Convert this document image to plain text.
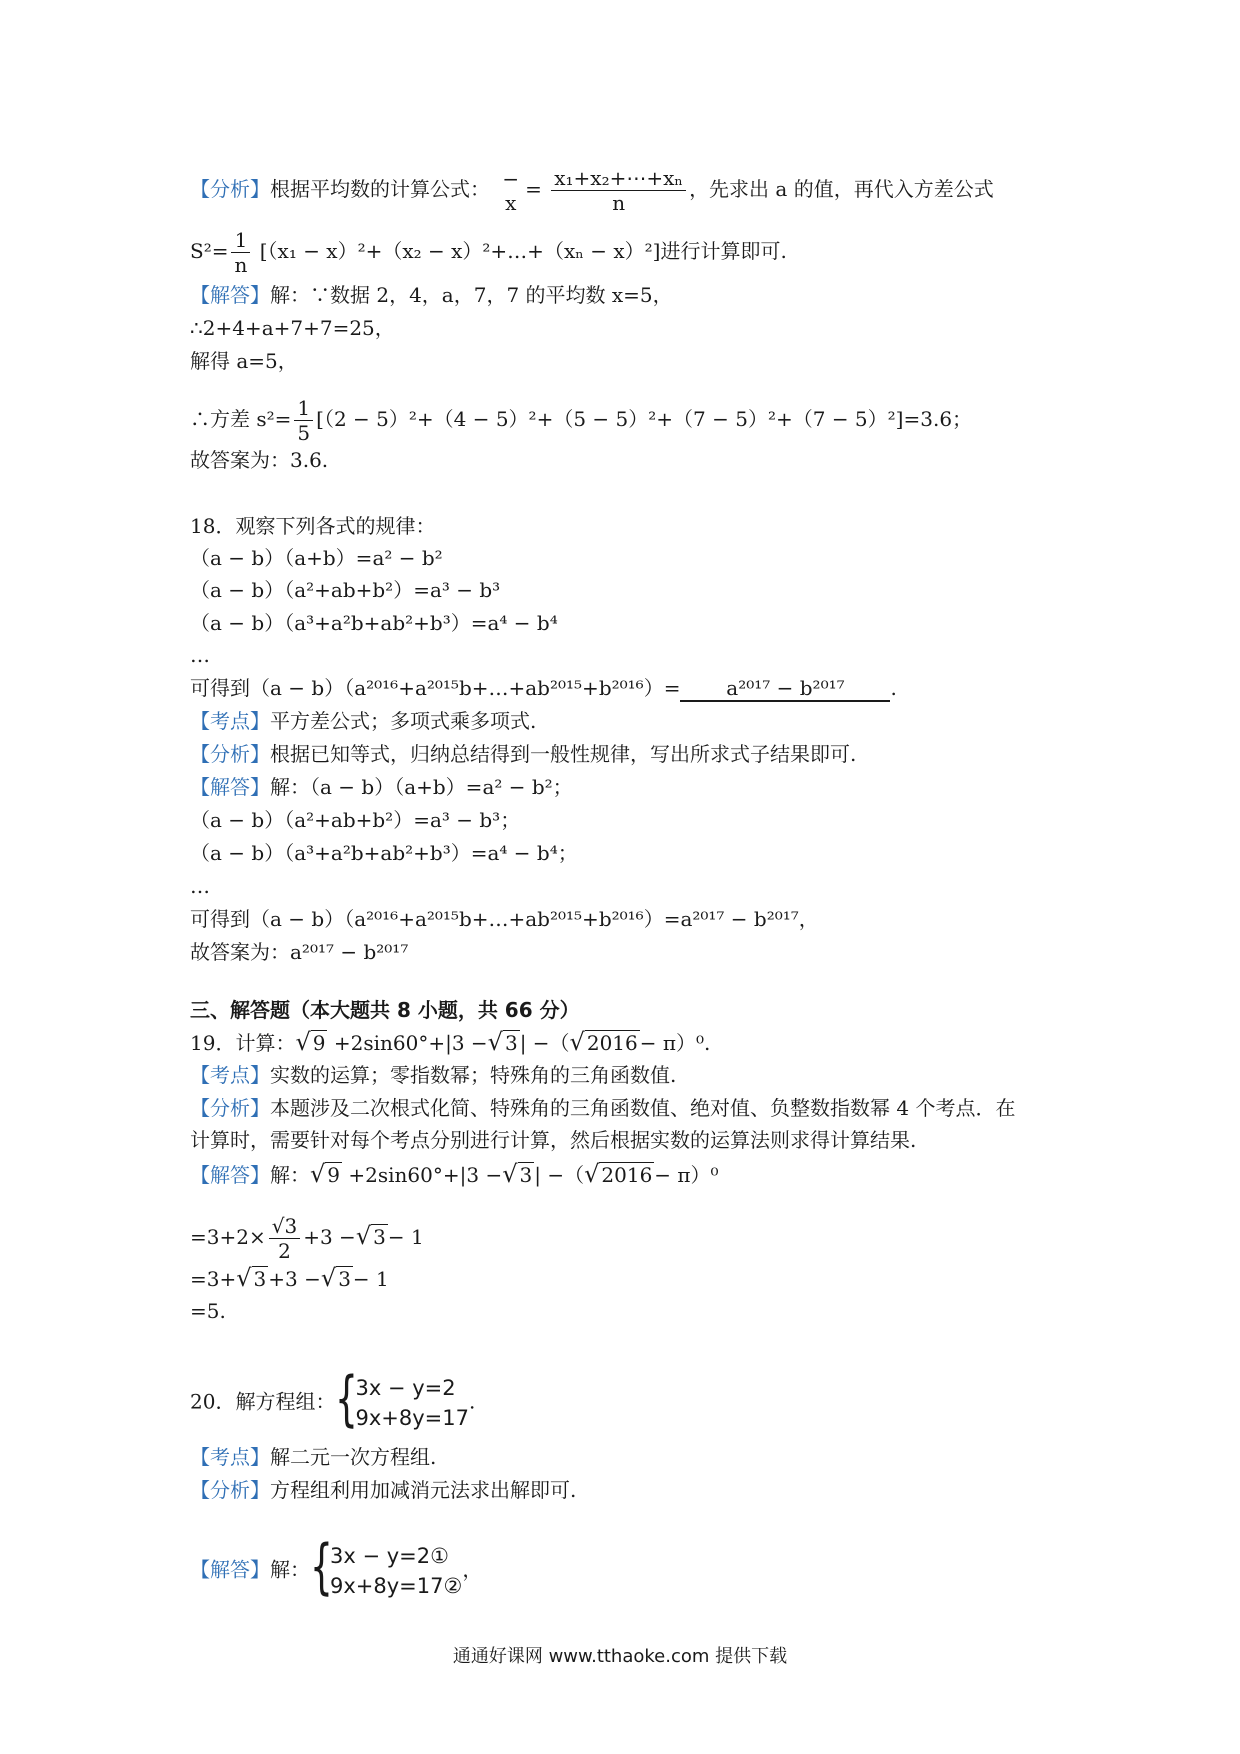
【分析】根据平均数的计算公式： −
x
= $\frac{\text{x₁+x₂+⋯+xₙ}}{n}$ ，先求出 a 的值，再代入方差公式
$S^2= \frac{1}{n} [(x_1 - x)^2+(x_2$ − x）²+…+（xₙ − x）²]进行计算即可.
【解答】解：∵数据 2，4，a，7，7 的平均数 x=5，
∴2+4+a+7+7=25，
解得 a=5，
∴方差 $s^2= \frac{1}{5} [(2 - 5)^2+(4 - 5)^2+(5 - 5)^2+(7 - 5)^2+(7 - 5)^2]=3.6$；
故答案为：3.6.
18．观察下列各式的规律：
（a − b）（a+b）=a² − b²
（a − b）（a²+ab+b²）=a³ − b³
（a − b）（a³+a²b+ab²+b³）=a⁴ − b⁴
…
可得到（a − b）（a²⁰¹⁶+a²⁰¹⁵b+…+ab²⁰¹⁵+b²⁰¹⁶）= a²⁰¹⁷ − b²⁰¹⁷ .
【考点】平方差公式；多项式乘多项式.
【分析】根据已知等式，归纳总结得到一般性规律，写出所求式子结果即可.
【解答】解：（a − b）（a+b）=a² − b²；
（a − b）（a²+ab+b²）=a³ − b³；
（a − b）（a³+a²b+ab²+b³）=a⁴ − b⁴；
…
可得到（a − b）（a²⁰¹⁶+a²⁰¹⁵b+…+ab²⁰¹⁵+b²⁰¹⁶）=a²⁰¹⁷ − b²⁰¹⁷，
故答案为：a²⁰¹⁷ − b²⁰¹⁷
三、解答题（本大题共 8 小题，共 66 分）
19．计算：√ 9 +2sin60°+|3 −√ 3 | −（√ 2016 − π）⁰.
【考点】实数的运算；零指数幂；特殊角的三角函数值.
【分析】本题涉及二次根式化简、特殊角的三角函数值、绝对值、负整数指数幂 4 个考点．在
计算时，需要针对每个考点分别进行计算，然后根据实数的运算法则求得计算结果.
【解答】解：√ 9 +2sin60°+|3 −√ 3 | −（√ 2016 − π）⁰
$=3+2\times \frac{√3}{2} +3$ −√ 3 − 1
=3+√ 3 +3 −√ 3 − 1
=5.
20．解方程组： {
3x − y=2
9x+8y=17
.
【考点】解二元一次方程组.
【分析】方程组利用加减消元法求出解即可.
【解答】解： {
3x − y=2①
9x+8y=17②
，
通通好课网 www.tthaoke.com 提供下载
